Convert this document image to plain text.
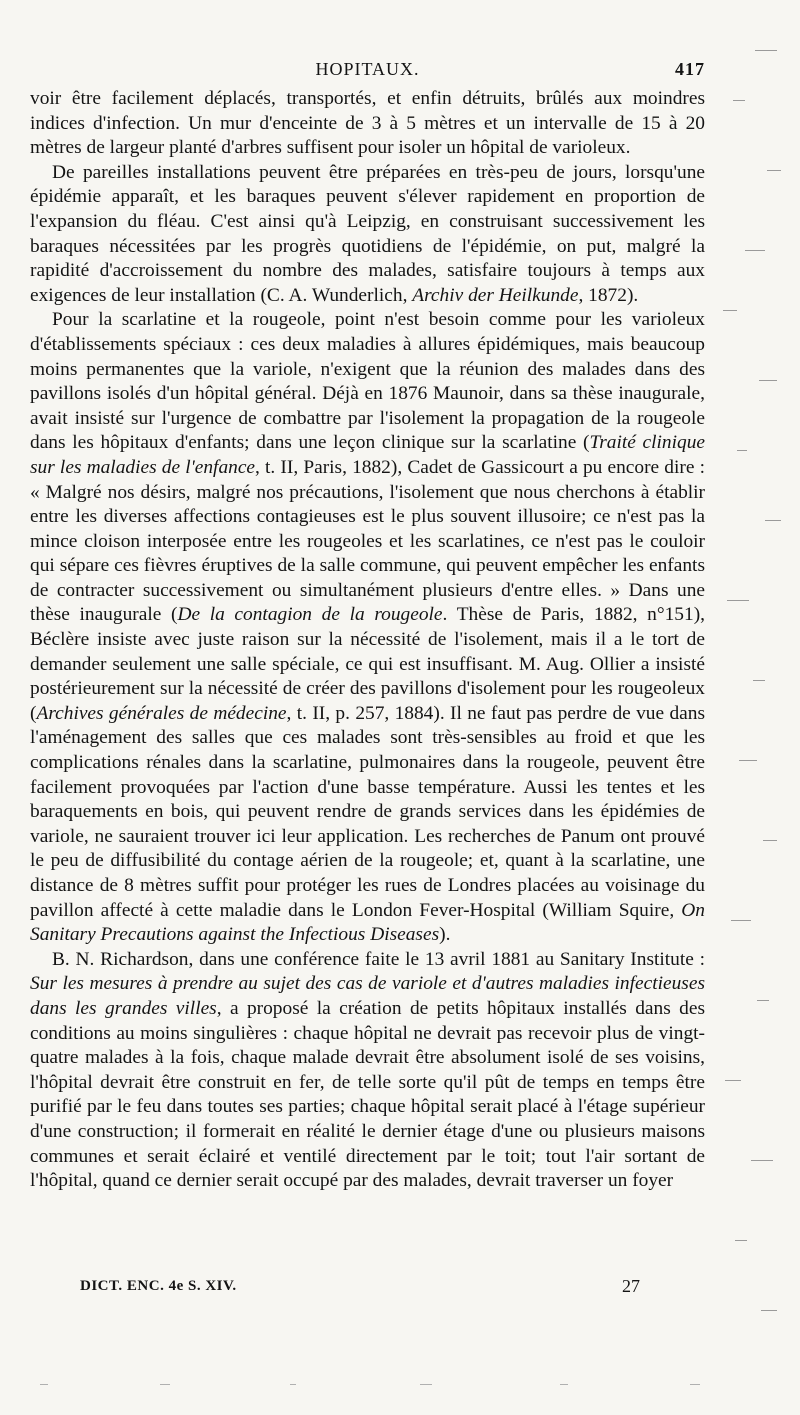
HOPITAUX.	417

voir être facilement déplacés, transportés, et enfin détruits, brûlés aux moindres indices d'infection. Un mur d'enceinte de 3 à 5 mètres et un intervalle de 15 à 20 mètres de largeur planté d'arbres suffisent pour isoler un hôpital de varioleux.

De pareilles installations peuvent être préparées en très-peu de jours, lorsqu'une épidémie apparaît, et les baraques peuvent s'élever rapidement en proportion de l'expansion du fléau. C'est ainsi qu'à Leipzig, en construisant successivement les baraques nécessitées par les progrès quotidiens de l'épidémie, on put, malgré la rapidité d'accroissement du nombre des malades, satisfaire toujours à temps aux exigences de leur installation (C. A. Wunderlich, Archiv der Heilkunde, 1872).

Pour la scarlatine et la rougeole, point n'est besoin comme pour les varioleux d'établissements spéciaux : ces deux maladies à allures épidémiques, mais beaucoup moins permanentes que la variole, n'exigent que la réunion des malades dans des pavillons isolés d'un hôpital général. Déjà en 1876 Maunoir, dans sa thèse inaugurale, avait insisté sur l'urgence de combattre par l'isolement la propagation de la rougeole dans les hôpitaux d'enfants; dans une leçon clinique sur la scarlatine (Traité clinique sur les maladies de l'enfance, t. II, Paris, 1882), Cadet de Gassicourt a pu encore dire : « Malgré nos désirs, malgré nos précautions, l'isolement que nous cherchons à établir entre les diverses affections contagieuses est le plus souvent illusoire; ce n'est pas la mince cloison interposée entre les rougeoles et les scarlatines, ce n'est pas le couloir qui sépare ces fièvres éruptives de la salle commune, qui peuvent empêcher les enfants de contracter successivement ou simultanément plusieurs d'entre elles. » Dans une thèse inaugurale (De la contagion de la rougeole. Thèse de Paris, 1882, n°151), Béclère insiste avec juste raison sur la nécessité de l'isolement, mais il a le tort de demander seulement une salle spéciale, ce qui est insuffisant. M. Aug. Ollier a insisté postérieurement sur la nécessité de créer des pavillons d'isolement pour les rougeoleux (Archives générales de médecine, t. II, p. 257, 1884). Il ne faut pas perdre de vue dans l'aménagement des salles que ces malades sont très-sensibles au froid et que les complications rénales dans la scarlatine, pulmonaires dans la rougeole, peuvent être facilement provoquées par l'action d'une basse température. Aussi les tentes et les baraquements en bois, qui peuvent rendre de grands services dans les épidémies de variole, ne sauraient trouver ici leur application. Les recherches de Panum ont prouvé le peu de diffusibilité du contage aérien de la rougeole; et, quant à la scarlatine, une distance de 8 mètres suffit pour protéger les rues de Londres placées au voisinage du pavillon affecté à cette maladie dans le London Fever-Hospital (William Squire, On Sanitary Precautions against the Infectious Diseases).

B. N. Richardson, dans une conférence faite le 13 avril 1881 au Sanitary Institute : Sur les mesures à prendre au sujet des cas de variole et d'autres maladies infectieuses dans les grandes villes, a proposé la création de petits hôpitaux installés dans des conditions au moins singulières : chaque hôpital ne devrait pas recevoir plus de vingt-quatre malades à la fois, chaque malade devrait être absolument isolé de ses voisins, l'hôpital devrait être construit en fer, de telle sorte qu'il pût de temps en temps être purifié par le feu dans toutes ses parties; chaque hôpital serait placé à l'étage supérieur d'une construction; il formerait en réalité le dernier étage d'une ou plusieurs maisons communes et serait éclairé et ventilé directement par le toit; tout l'air sortant de l'hôpital, quand ce dernier serait occupé par des malades, devrait traverser un foyer

DICT. ENC. 4e S. XIV.	27
